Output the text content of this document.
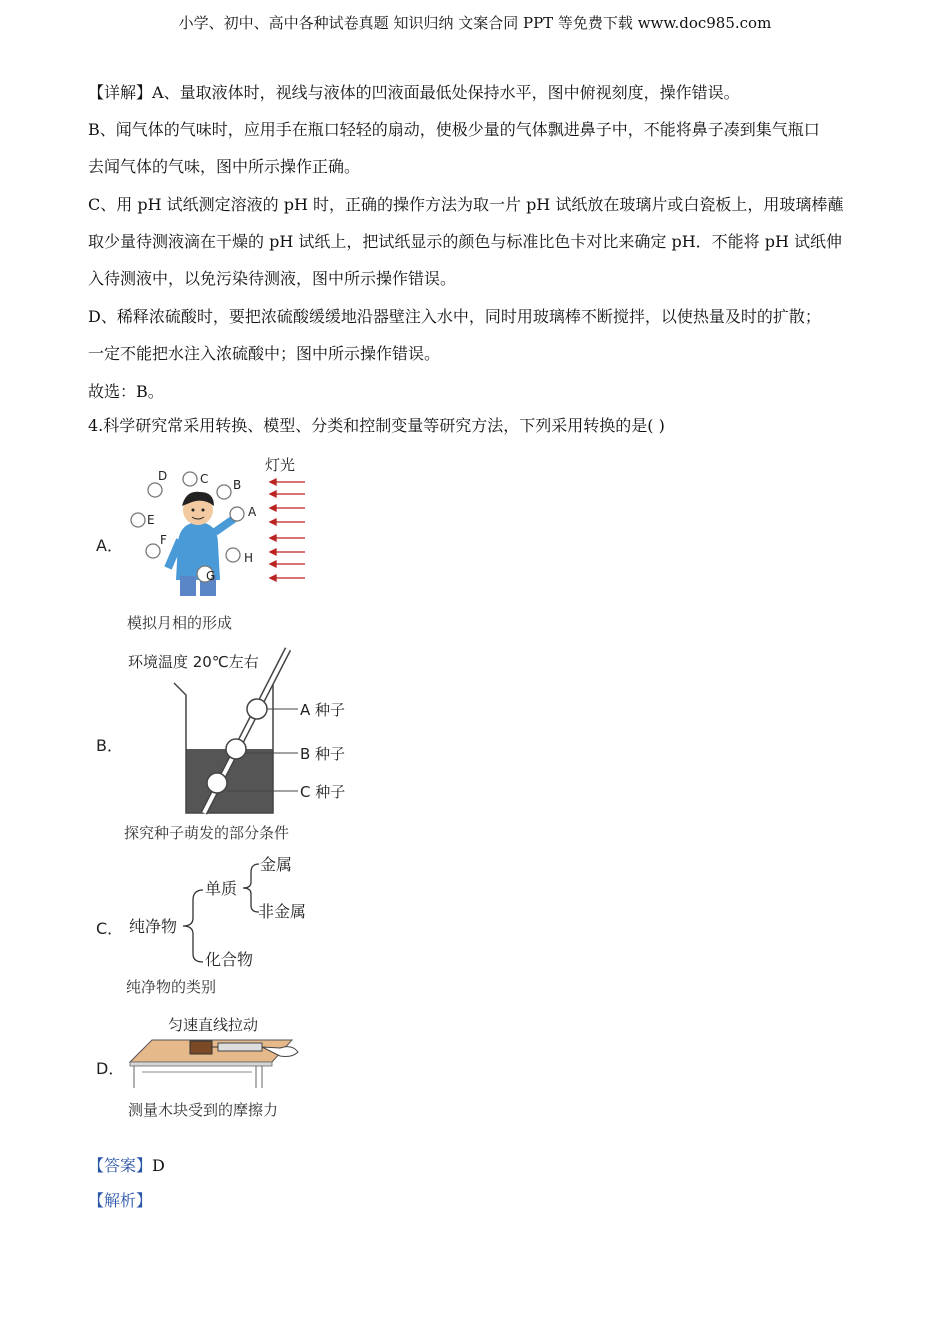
小学、初中、高中各种试卷真题 知识归纳 文案合同 PPT 等免费下载 www.doc985.com
【详解】A、量取液体时，视线与液体的凹液面最低处保持水平，图中俯视刻度，操作错误。
B、闻气体的气味时，应用手在瓶口轻轻的扇动，使极少量的气体飘进鼻子中，不能将鼻子凑到集气瓶口
去闻气体的气味，图中所示操作正确。
C、用 pH 试纸测定溶液的 pH 时，正确的操作方法为取一片 pH 试纸放在玻璃片或白瓷板上，用玻璃棒蘸
取少量待测液滴在干燥的 pH 试纸上，把试纸显示的颜色与标准比色卡对比来确定 pH．不能将 pH 试纸伸
入待测液中，以免污染待测液，图中所示操作错误。
D、稀释浓硫酸时，要把浓硫酸缓缓地沿器壁注入水中，同时用玻璃棒不断搅拌，以使热量及时的扩散；
一定不能把水注入浓硫酸中；图中所示操作错误。
故选：B。
4.科学研究常采用转换、模型、分类和控制变量等研究方法，下列采用转换的是( )
A．
灯光
D	C B
A
E
F
G
H
模拟月相的形成
B．
环境温度 20℃左右
A 种子
B 种子
C 种子
探究种子萌发的部分条件
C． 纯净物
单质
化合物
金属
非金属
纯净物的类别
D．
匀速直线拉动
测量木块受到的摩擦力
【答案】D
【解析】
